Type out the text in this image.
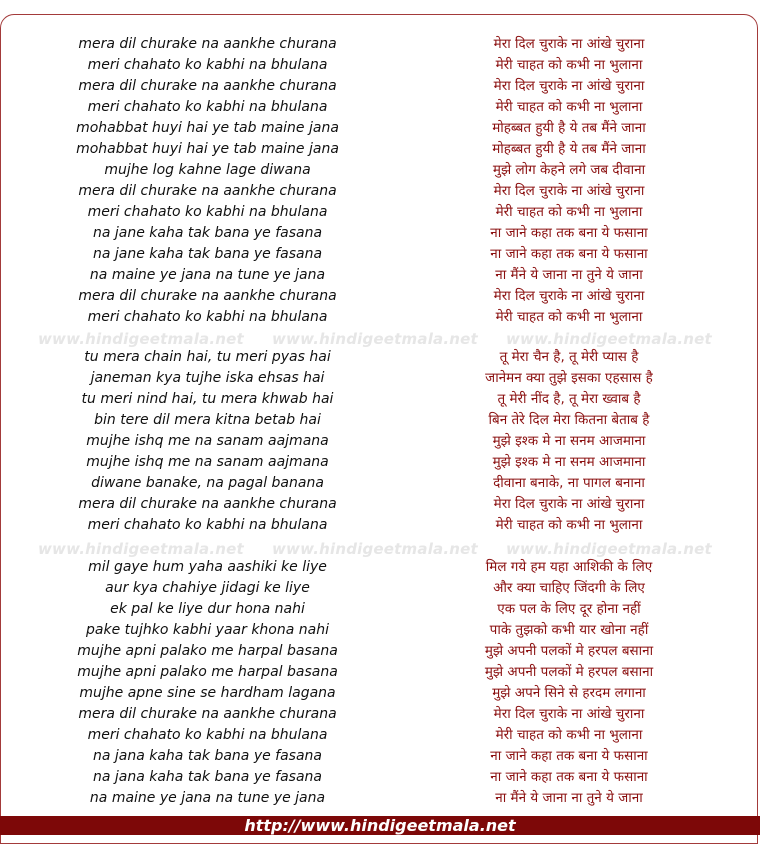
mera dil churake na aankhe churana	मेरा दिल चुराके ना आंखे चुराना
meri chahato ko kabhi na bhulana	मेरी चाहत को कभी ना भुलाना
mera dil churake na aankhe churana	मेरा दिल चुराके ना आंखे चुराना
meri chahato ko kabhi na bhulana	मेरी चाहत को कभी ना भुलाना
mohabbat huyi hai ye tab maine jana	मोहब्बत हुयी है ये तब मैंने जाना
mohabbat huyi hai ye tab maine jana	मोहब्बत हुयी है ये तब मैंने जाना
mujhe log kahne lage diwana	मुझे लोग केहने लगे जब दीवाना
mera dil churake na aankhe churana	मेरा दिल चुराके ना आंखे चुराना
meri chahato ko kabhi na bhulana	मेरी चाहत को कभी ना भुलाना
na jane kaha tak bana ye fasana	ना जाने कहा तक बना ये फसाना
na jane kaha tak bana ye fasana	ना जाने कहा तक बना ये फसाना
na maine ye jana na tune ye jana	ना मैंने ये जाना ना तुने ये जाना
mera dil churake na aankhe churana	मेरा दिल चुराके ना आंखे चुराना
meri chahato ko kabhi na bhulana	मेरी चाहत को कभी ना भुलाना
tu mera chain hai, tu meri pyas hai	तू मेरा चैन है, तू मेरी प्यास है
janeman kya tujhe iska ehsas hai	जानेमन क्या तुझे इसका एहसास है
tu meri nind hai, tu mera khwab hai	तू मेरी नींद है, तू मेरा ख्वाब है
bin tere dil mera kitna betab hai	बिन तेरे दिल मेरा कितना बेताब है
mujhe ishq me na sanam aajmana	मुझे इश्क मे ना सनम आजमाना
mujhe ishq me na sanam aajmana	मुझे इश्क मे ना सनम आजमाना
diwane banake, na pagal banana	दीवाना बनाके, ना पागल बनाना
mera dil churake na aankhe churana	मेरा दिल चुराके ना आंखे चुराना
meri chahato ko kabhi na bhulana	मेरी चाहत को कभी ना भुलाना
mil gaye hum yaha aashiki ke liye	मिल गये हम यहा आशिकी के लिए
aur kya chahiye jidagi ke liye	और क्या चाहिए जिंदगी के लिए
ek pal ke liye dur hona nahi	एक पल के लिए दूर होना नहीं
pake tujhko kabhi yaar khona nahi	पाके तुझको कभी यार खोना नहीं
mujhe apni palako me harpal basana	मुझे अपनी पलकों मे हरपल बसाना
mujhe apni palako me harpal basana	मुझे अपनी पलकों मे हरपल बसाना
mujhe apne sine se hardham lagana	मुझे अपने सिने से हरदम लगाना
mera dil churake na aankhe churana	मेरा दिल चुराके ना आंखे चुराना
meri chahato ko kabhi na bhulana	मेरी चाहत को कभी ना भुलाना
na jana kaha tak bana ye fasana	ना जाने कहा तक बना ये फसाना
na jana kaha tak bana ye fasana	ना जाने कहा तक बना ये फसाना
na maine ye jana na tune ye jana	ना मैंने ये जाना ना तुने ये जाना
www.hindigeetmala.net www.hindigeetmala.net www.hindigeetmala.net
www.hindigeetmala.net www.hindigeetmala.net www.hindigeetmala.net
http://www.hindigeetmala.net
